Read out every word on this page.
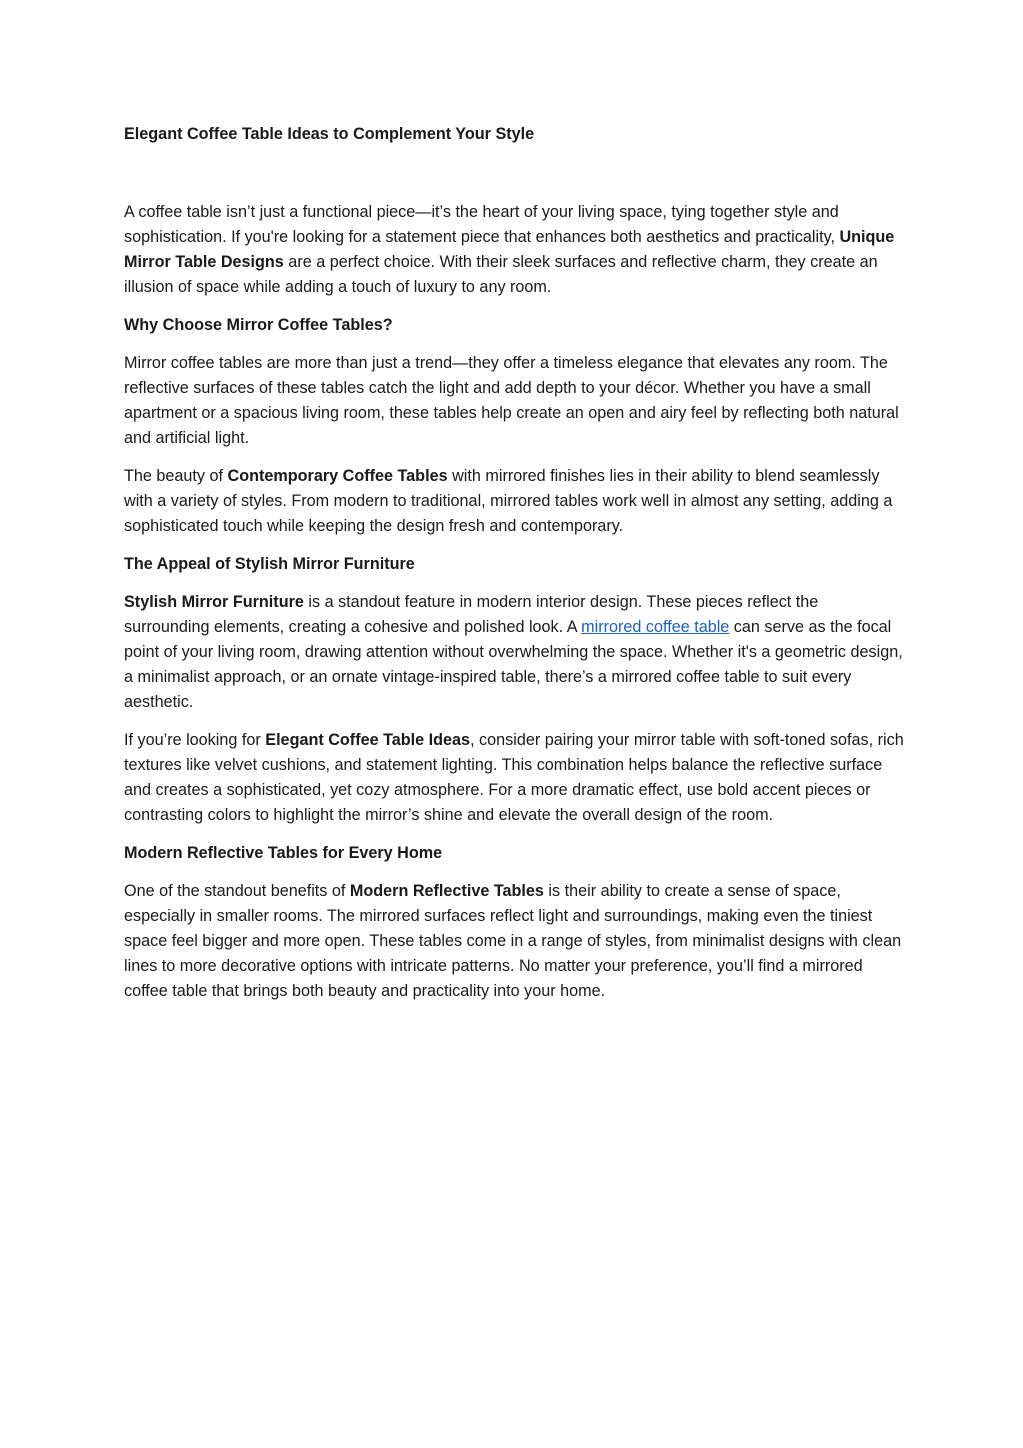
Elegant Coffee Table Ideas to Complement Your Style

A coffee table isn’t just a functional piece—it’s the heart of your living space, tying together style and sophistication. If you're looking for a statement piece that enhances both aesthetics and practicality, Unique Mirror Table Designs are a perfect choice. With their sleek surfaces and reflective charm, they create an illusion of space while adding a touch of luxury to any room.

Why Choose Mirror Coffee Tables?

Mirror coffee tables are more than just a trend—they offer a timeless elegance that elevates any room. The reflective surfaces of these tables catch the light and add depth to your décor. Whether you have a small apartment or a spacious living room, these tables help create an open and airy feel by reflecting both natural and artificial light.

The beauty of Contemporary Coffee Tables with mirrored finishes lies in their ability to blend seamlessly with a variety of styles. From modern to traditional, mirrored tables work well in almost any setting, adding a sophisticated touch while keeping the design fresh and contemporary.

The Appeal of Stylish Mirror Furniture

Stylish Mirror Furniture is a standout feature in modern interior design. These pieces reflect the surrounding elements, creating a cohesive and polished look. A mirrored coffee table can serve as the focal point of your living room, drawing attention without overwhelming the space. Whether it's a geometric design, a minimalist approach, or an ornate vintage-inspired table, there’s a mirrored coffee table to suit every aesthetic.

If you’re looking for Elegant Coffee Table Ideas, consider pairing your mirror table with soft-toned sofas, rich textures like velvet cushions, and statement lighting. This combination helps balance the reflective surface and creates a sophisticated, yet cozy atmosphere. For a more dramatic effect, use bold accent pieces or contrasting colors to highlight the mirror’s shine and elevate the overall design of the room.

Modern Reflective Tables for Every Home

One of the standout benefits of Modern Reflective Tables is their ability to create a sense of space, especially in smaller rooms. The mirrored surfaces reflect light and surroundings, making even the tiniest space feel bigger and more open. These tables come in a range of styles, from minimalist designs with clean lines to more decorative options with intricate patterns. No matter your preference, you’ll find a mirrored coffee table that brings both beauty and practicality into your home.
